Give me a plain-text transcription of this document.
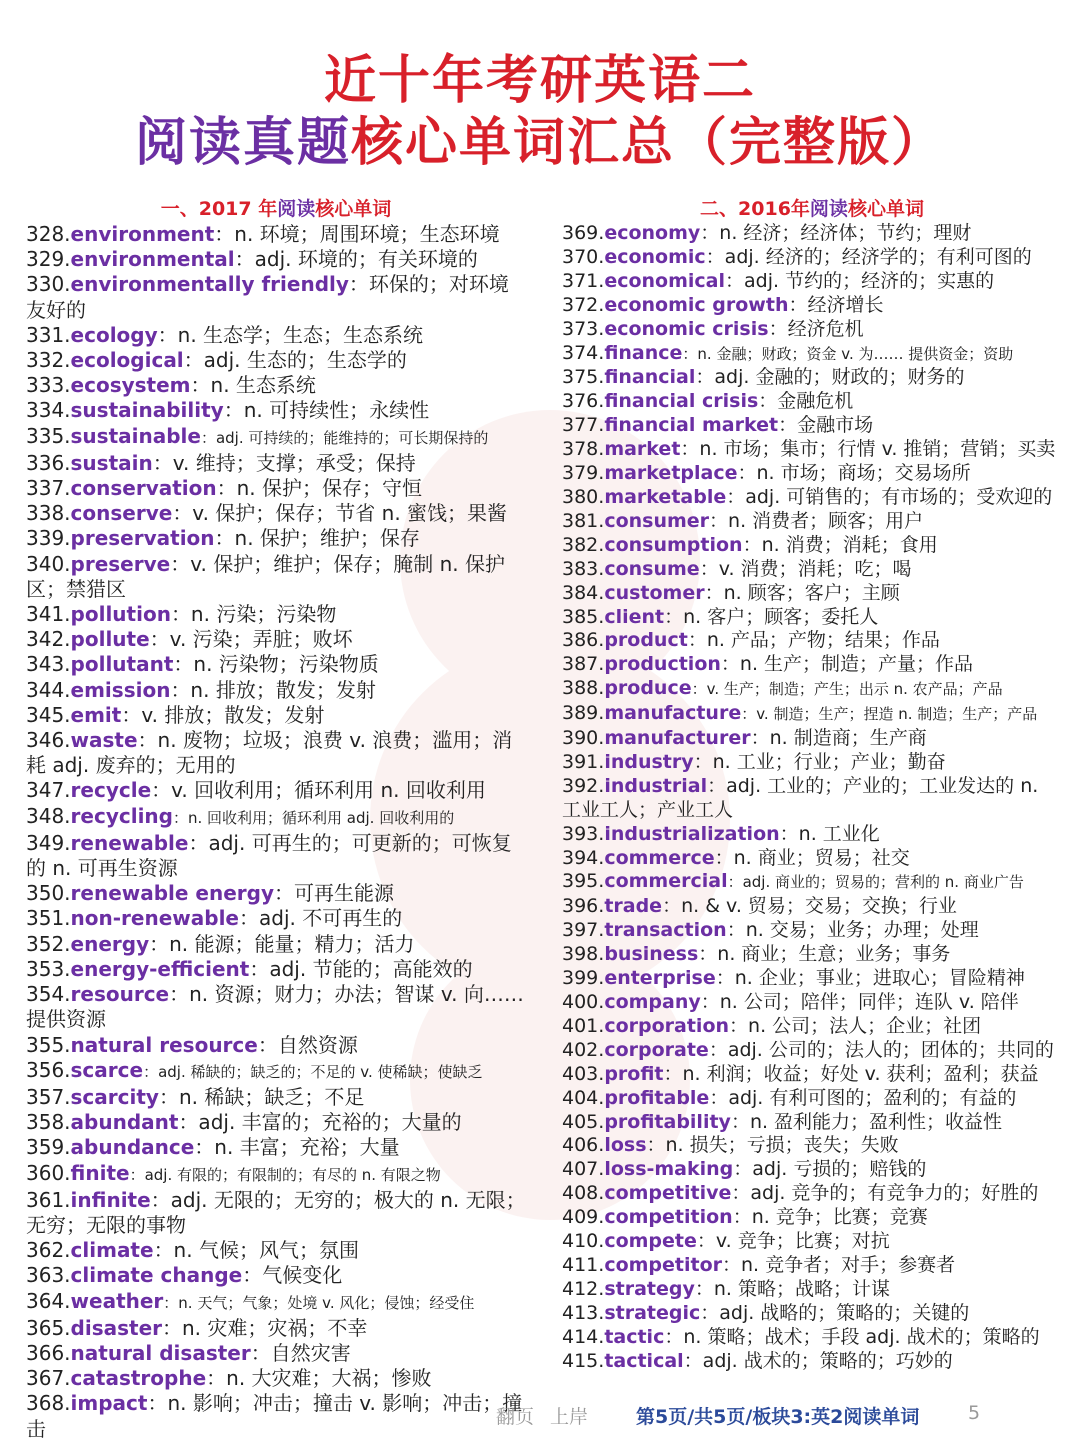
近十年考研英语二
阅读真题核心单词汇总（完整版）
一、2017 年阅读核心单词
328.environment：n. 环境；周围环境；生态环境
329.environmental：adj. 环境的；有关环境的
330.environmentally friendly：环保的；对环境友好的
331.ecology：n. 生态学；生态；生态系统
332.ecological：adj. 生态的；生态学的
333.ecosystem：n. 生态系统
334.sustainability：n. 可持续性；永续性
335.sustainable：adj. 可持续的；能维持的；可长期保持的
336.sustain：v. 维持；支撑；承受；保持
337.conservation：n. 保护；保存；守恒
338.conserve：v. 保护；保存；节省 n. 蜜饯；果酱
339.preservation：n. 保护；维护；保存
340.preserve：v. 保护；维护；保存；腌制 n. 保护区；禁猎区
341.pollution：n. 污染；污染物
342.pollute：v. 污染；弄脏；败坏
343.pollutant：n. 污染物；污染物质
344.emission：n. 排放；散发；发射
345.emit：v. 排放；散发；发射
346.waste：n. 废物；垃圾；浪费 v. 浪费；滥用；消耗 adj. 废弃的；无用的
347.recycle：v. 回收利用；循环利用 n. 回收利用
348.recycling：n. 回收利用；循环利用 adj. 回收利用的
349.renewable：adj. 可再生的；可更新的；可恢复的 n. 可再生资源
350.renewable energy：可再生能源
351.non-renewable：adj. 不可再生的
352.energy：n. 能源；能量；精力；活力
353.energy-efficient：adj. 节能的；高能效的
354.resource：n. 资源；财力；办法；智谋 v. 向……提供资源
355.natural resource：自然资源
356.scarce：adj. 稀缺的；缺乏的；不足的 v. 使稀缺；使缺乏
357.scarcity：n. 稀缺；缺乏；不足
358.abundant：adj. 丰富的；充裕的；大量的
359.abundance：n. 丰富；充裕；大量
360.finite：adj. 有限的；有限制的；有尽的 n. 有限之物
361.infinite：adj. 无限的；无穷的；极大的 n. 无限；无穷；无限的事物
362.climate：n. 气候；风气；氛围
363.climate change：气候变化
364.weather：n. 天气；气象；处境 v. 风化；侵蚀；经受住
365.disaster：n. 灾难；灾祸；不幸
366.natural disaster：自然灾害
367.catastrophe：n. 大灾难；大祸；惨败
368.impact：n. 影响；冲击；撞击 v. 影响；冲击；撞击
二、2016年阅读核心单词
369.economy：n. 经济；经济体；节约；理财
370.economic：adj. 经济的；经济学的；有利可图的
371.economical：adj. 节约的；经济的；实惠的
372.economic growth：经济增长
373.economic crisis：经济危机
374.finance：n. 金融；财政；资金 v. 为…… 提供资金；资助
375.financial：adj. 金融的；财政的；财务的
376.financial crisis：金融危机
377.financial market：金融市场
378.market：n. 市场；集市；行情 v. 推销；营销；买卖
379.marketplace：n. 市场；商场；交易场所
380.marketable：adj. 可销售的；有市场的；受欢迎的
381.consumer：n. 消费者；顾客；用户
382.consumption：n. 消费；消耗；食用
383.consume：v. 消费；消耗；吃；喝
384.customer：n. 顾客；客户；主顾
385.client：n. 客户；顾客；委托人
386.product：n. 产品；产物；结果；作品
387.production：n. 生产；制造；产量；作品
388.produce：v. 生产；制造；产生；出示 n. 农产品；产品
389.manufacture：v. 制造；生产；捏造 n. 制造；生产；产品
390.manufacturer：n. 制造商；生产商
391.industry：n. 工业；行业；产业；勤奋
392.industrial：adj. 工业的；产业的；工业发达的 n. 工业工人；产业工人
393.industrialization：n. 工业化
394.commerce：n. 商业；贸易；社交
395.commercial：adj. 商业的；贸易的；营利的 n. 商业广告
396.trade：n. & v. 贸易；交易；交换；行业
397.transaction：n. 交易；业务；办理；处理
398.business：n. 商业；生意；业务；事务
399.enterprise：n. 企业；事业；进取心；冒险精神
400.company：n. 公司；陪伴；同伴；连队 v. 陪伴
401.corporation：n. 公司；法人；企业；社团
402.corporate：adj. 公司的；法人的；团体的；共同的
403.profit：n. 利润；收益；好处 v. 获利；盈利；获益
404.profitable：adj. 有利可图的；盈利的；有益的
405.profitability：n. 盈利能力；盈利性；收益性
406.loss：n. 损失；亏损；丧失；失败
407.loss-making：adj. 亏损的；赔钱的
408.competitive：adj. 竞争的；有竞争力的；好胜的
409.competition：n. 竞争；比赛；竞赛
410.compete：v. 竞争；比赛；对抗
411.competitor：n. 竞争者；对手；参赛者
412.strategy：n. 策略；战略；计谋
413.strategic：adj. 战略的；策略的；关键的
414.tactic：n. 策略；战术；手段 adj. 战术的；策略的
415.tactical：adj. 战术的；策略的；巧妙的
翻页 上岸	第5页/共5页/板块3:英2阅读单词	5
